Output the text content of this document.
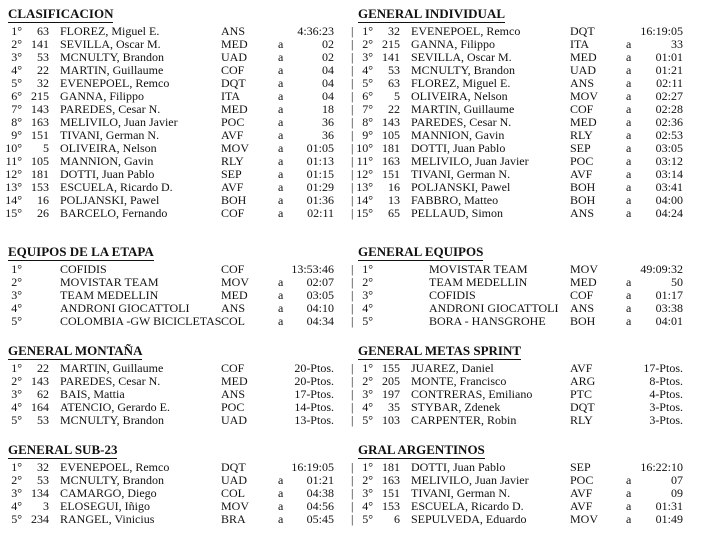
CLASIFICACION
1° 63 FLOREZ, Miguel E.	ANS	4:36:23 |
2° 141 SEVILLA, Oscar M.	MED	a	02 |
3° 53 MCNULTY, Brandon	UAD	a	02 |
4° 22 MARTIN, Guillaume	COF	a	04 |
5° 32 EVENEPOEL, Remco	DQT	a	04 |
6° 215 GANNA, Filippo	ITA	a	04 |
7° 143 PAREDES, Cesar N.	MED	a	18 |
8° 163 MELIVILO, Juan Javier	POC	a	36 |
9° 151 TIVANI, German N.	AVF	a	36 |
10° 5 OLIVEIRA, Nelson	MOV a 01:05 |
11° 105 MANNION, Gavin	RLY	a 01:13 |
12° 181 DOTTI, Juan Pablo	SEP	a 01:15 |
13° 153 ESCUELA, Ricardo D.	AVF	a 01:29 |
14° 16 POLJANSKI, Pawel	BOH	a 01:36 |
15° 26 BARCELO, Fernando	COF	a 02:11 |
GENERAL INDIVIDUAL
1° 32 EVENEPOEL, Remco	DQT	16:19:05
2° 215 GANNA, Filippo	ITA	a	33
3° 141 SEVILLA, Oscar M.	MED a 01:01
4° 53 MCNULTY, Brandon	UAD	a 01:21
5° 63 FLOREZ, Miguel E.	ANS	a 02:11
6° 5 OLIVEIRA, Nelson	MOV a 02:27
7° 22 MARTIN, Guillaume	COF	a 02:28
8° 143 PAREDES, Cesar N.	MED a 02:36
9° 105 MANNION, Gavin	RLY	a 02:53
10° 181 DOTTI, Juan Pablo	SEP	a 03:05
11° 163 MELIVILO, Juan Javier	POC	a 03:12
12° 151 TIVANI, German N.	AVF	a 03:14
13° 16 POLJANSKI, Pawel	BOH	a 03:41
14° 13 FABBRO, Matteo	BOH	a 04:00
15° 65 PELLAUD, Simon	ANS	a 04:24
EQUIPOS DE LA ETAPA
1°	COFIDIS	COF	13:53:46 |
2°	MOVISTAR TEAM	MOV a 02:07 |
3°	TEAM MEDELLIN	MED	a 03:05 |
4°	ANDRONI GIOCATTOLI	ANS	a 04:10 |
5°	COLOMBIA -GW BICICLETAS COL	a 04:34 |
GENERAL EQUIPOS
1°	MOVISTAR TEAM	MOV	49:09:32
2°	TEAM MEDELLIN	MED a	50
3°	COFIDIS	COF	a 01:17
4°	ANDRONI GIOCATTOLI ANS	a 03:38
5°	BORA - HANSGROHE BOH	a 04:01
GENERAL MONTAÑA
1° 22 MARTIN, Guillaume	COF	20-Ptos. |
2° 143 PAREDES, Cesar N.	MED	20-Ptos. |
3° 62 BAIS, Mattia	ANS	17-Ptos. |
4° 164 ATENCIO, Gerardo E.	POC	14-Ptos. |
5° 53 MCNULTY, Brandon	UAD	13-Ptos. |
GENERAL METAS SPRINT
1° 155 JUAREZ, Daniel	AVF	17-Ptos.
2° 205 MONTE, Francisco	ARG	8-Ptos.
3° 197 CONTRERAS, Emiliano	PTC	4-Ptos.
4° 35 STYBAR, Zdenek	DQT	3-Ptos.
5° 103 CARPENTER, Robin	RLY	3-Ptos.
GENERAL SUB-23
1° 32 EVENEPOEL, Remco	DQT	16:19:05 |
2° 53 MCNULTY, Brandon	UAD	a 01:21 |
3° 134 CAMARGO, Diego	COL	a 04:38 |
4° 3 ELOSEGUI, Iñigo	MOV a 04:56 |
5° 234 RANGEL, Vinicius	BRA	a 05:45 |
GRAL ARGENTINOS
1° 181 DOTTI, Juan Pablo	SEP	16:22:10
2° 163 MELIVILO, Juan Javier	POC	a	07
3° 151 TIVANI, German N.	AVF	a	09
4° 153 ESCUELA, Ricardo D.	AVF	a 01:31
5° 6 SEPULVEDA, Eduardo	MOV a 01:49
